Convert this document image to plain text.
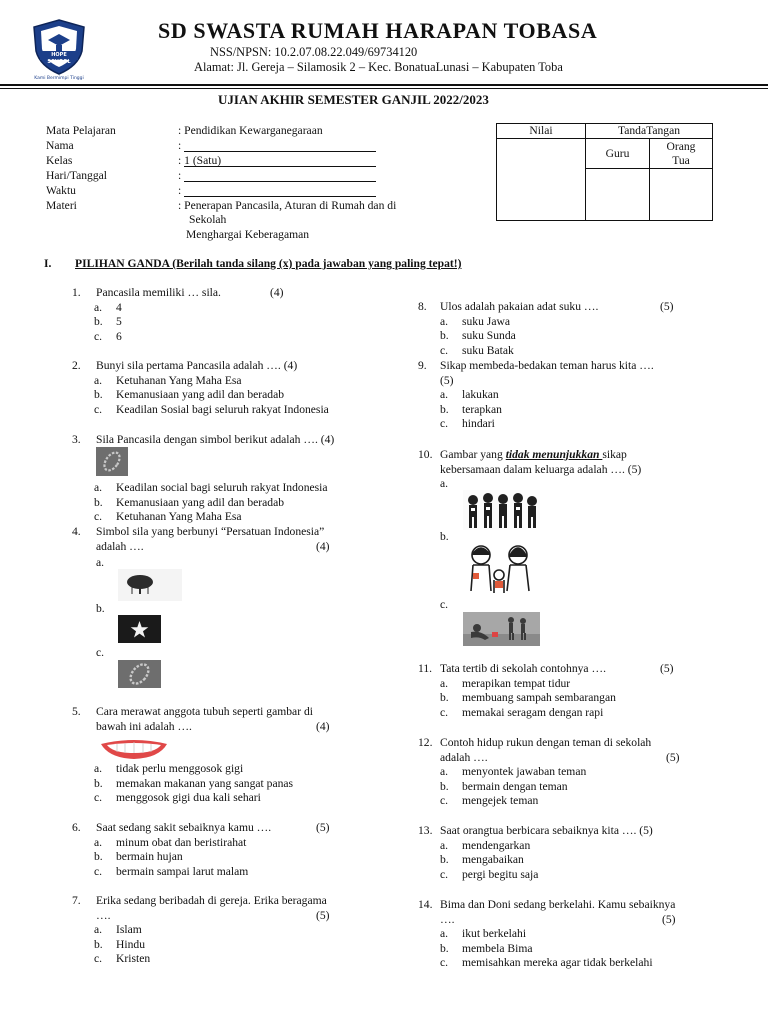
HOPE SCHOOL
Kami Bermimpi Tinggi
SD SWASTA RUMAH HARAPAN TOBASA
NSS/NPSN: 10.2.07.08.22.049/69734120
Alamat: Jl. Gereja – Silamosik 2 – Kec. BonatuaLunasi – Kabupaten Toba
UJIAN AKHIR SEMESTER GANJIL 2022/2023
Mata Pelajaran	: Pendidikan Kewarganegaraan
Nama	:
Kelas	: 1 (Satu)
Hari/Tanggal	:
Waktu	:
Materi	: Penerapan Pancasila, Aturan di Rumah dan di
Sekolah
Menghargai Keberagaman
Nilai	TandaTangan	
	Guru	Orang
Tua

I. PILIHAN GANDA (Berilah tanda silang (x) pada jawaban yang paling tepat!)
1. Pancasila memiliki … sila.	(4)
a. 4
b. 5
c. 6
2. Bunyi sila pertama Pancasila adalah …. (4)
a. Ketuhanan Yang Maha Esa
b. Kemanusiaan yang adil dan beradab
c. Keadilan Sosial bagi seluruh rakyat Indonesia
3. Sila Pancasila dengan simbol berikut adalah …. (4)
a. Keadilan social bagi seluruh rakyat Indonesia
b. Kemanusiaan yang adil dan beradab
c. Ketuhanan Yang Maha Esa
4. Simbol sila yang berbunyi “Persatuan Indonesia”
adalah ….	(4)
a.
b.
c.
5. Cara merawat anggota tubuh seperti gambar di
bawah ini adalah ….	(4)
a. tidak perlu menggosok gigi
b. memakan makanan yang sangat panas
c. menggosok gigi dua kali sehari
6. Saat sedang sakit sebaiknya kamu ….	(5)
a. minum obat dan beristirahat
b. bermain hujan
c. bermain sampai larut malam
7. Erika sedang beribadah di gereja. Erika beragama
….	(5)
a. Islam
b. Hindu
c. Kristen
8. Ulos adalah pakaian adat suku ….	(5)
a. suku Jawa
b. suku Sunda
c. suku Batak
9. Sikap membeda-bedakan teman harus kita ….
(5)
a. lakukan
b. terapkan
c. hindari
10. Gambar yang tidak menunjukkan sikap
kebersamaan dalam keluarga adalah …. (5)
a.
b.
c.
11. Tata tertib di sekolah contohnya ….	(5)
a. merapikan tempat tidur
b. membuang sampah sembarangan
c. memakai seragam dengan rapi
12. Contoh hidup rukun dengan teman di sekolah
adalah ….	(5)
a. menyontek jawaban teman
b. bermain dengan teman
c. mengejek teman
13. Saat orangtua berbicara sebaiknya kita …. (5)
a. mendengarkan
b. mengabaikan
c. pergi begitu saja
14. Bima dan Doni sedang berkelahi. Kamu sebaiknya
….	(5)
a. ikut berkelahi
b. membela Bima
c. memisahkan mereka agar tidak berkelahi
